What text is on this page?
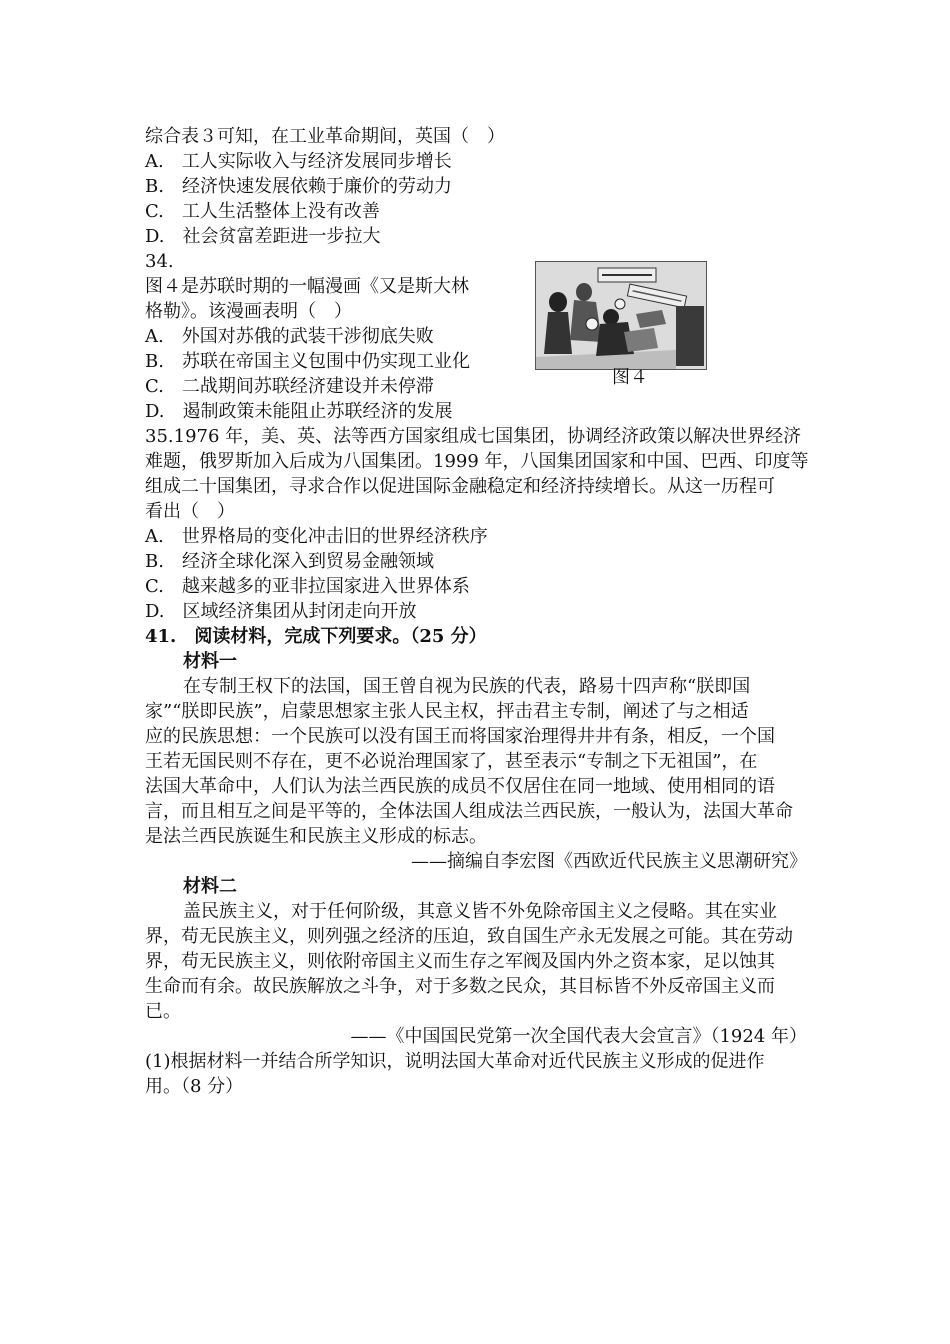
综合表３可知，在工业革命期间，英国（　）
A.　工人实际收入与经济发展同步增长
B.　经济快速发展依赖于廉价的劳动力
C.　工人生活整体上没有改善
D.　社会贫富差距进一步拉大
34.
图４是苏联时期的一幅漫画《又是斯大林
格勒》。该漫画表明（　）
A.　外国对苏俄的武装干涉彻底失败
B.　苏联在帝国主义包围中仍实现工业化
C.　二战期间苏联经济建设并未停滞
D.　遏制政策未能阻止苏联经济的发展
图４
35.1976 年，美、英、法等西方国家组成七国集团，协调经济政策以解决世界经济
难题，俄罗斯加入后成为八国集团。1999 年，八国集团国家和中国、巴西、印度等
组成二十国集团，寻求合作以促进国际金融稳定和经济持续增长。从这一历程可
看出（　）
A.　世界格局的变化冲击旧的世界经济秩序
B.　经济全球化深入到贸易金融领域
C.　越来越多的亚非拉国家进入世界体系
D.　区域经济集团从封闭走向开放
41.　阅读材料，完成下列要求。（25 分）
材料一
在专制王权下的法国，国王曾自视为民族的代表，路易十四声称“朕即国
家”“朕即民族”，启蒙思想家主张人民主权，抨击君主专制，阐述了与之相适
应的民族思想：一个民族可以没有国王而将国家治理得井井有条，相反，一个国
王若无国民则不存在，更不必说治理国家了，甚至表示“专制之下无祖国”，在
法国大革命中，人们认为法兰西民族的成员不仅居住在同一地域、使用相同的语
言，而且相互之间是平等的，全体法国人组成法兰西民族，一般认为，法国大革命
是法兰西民族诞生和民族主义形成的标志。
——摘编自李宏图《西欧近代民族主义思潮研究》
材料二
盖民族主义，对于任何阶级，其意义皆不外免除帝国主义之侵略。其在实业
界，苟无民族主义，则列强之经济的压迫，致自国生产永无发展之可能。其在劳动
界，苟无民族主义，则依附帝国主义而生存之军阀及国内外之资本家，足以蚀其
生命而有余。故民族解放之斗争，对于多数之民众，其目标皆不外反帝国主义而
已。
——《中国国民党第一次全国代表大会宣言》（1924 年）
(1)根据材料一并结合所学知识，说明法国大革命对近代民族主义形成的促进作
用。（8 分）
